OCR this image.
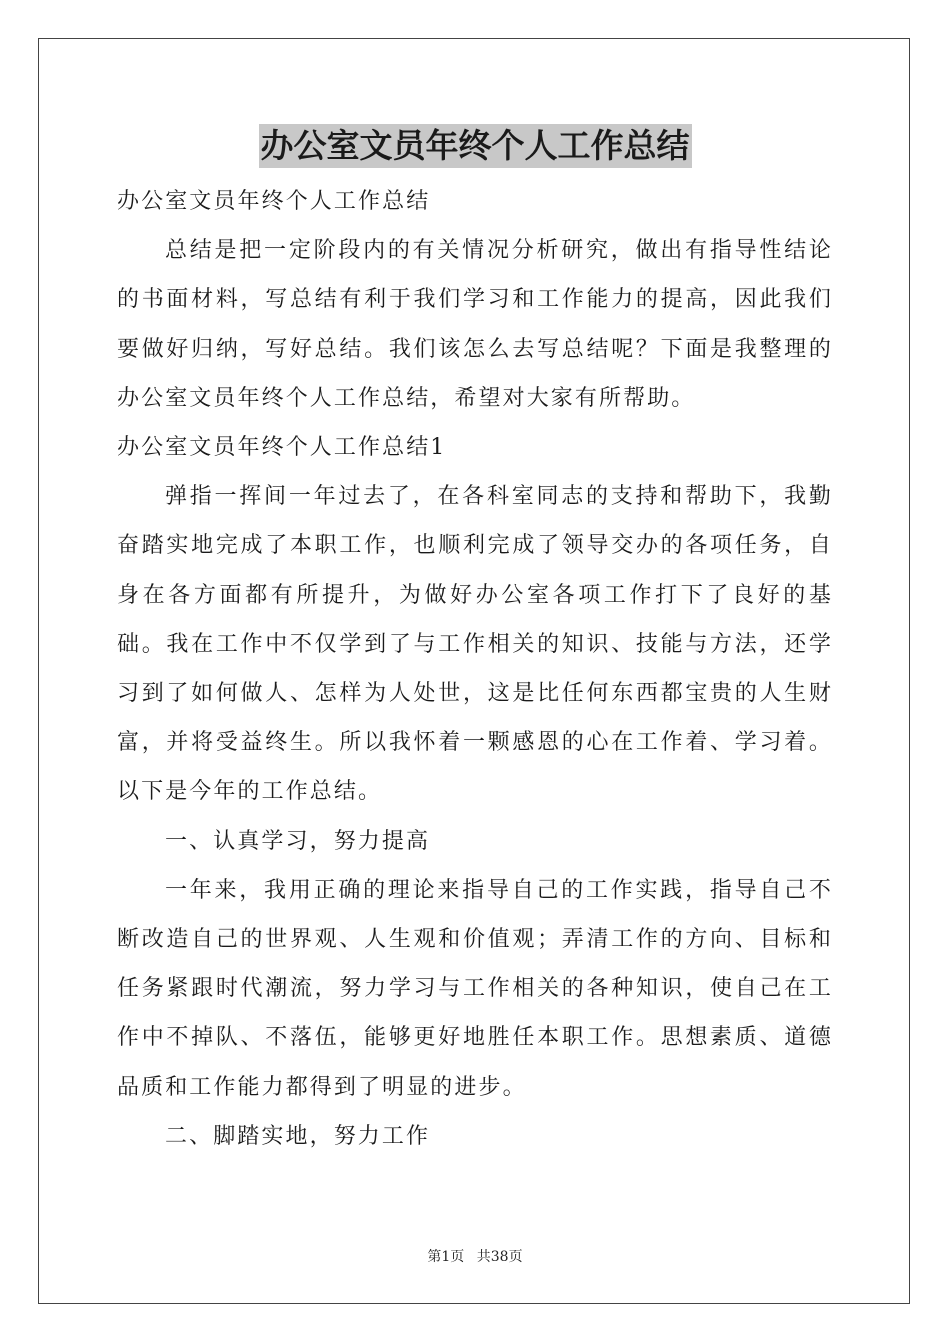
办公室文员年终个人工作总结

办公室文员年终个人工作总结

总结是把一定阶段内的有关情况分析研究，做出有指导性结论的书面材料，写总结有利于我们学习和工作能力的提高，因此我们要做好归纳，写好总结。我们该怎么去写总结呢？下面是我整理的办公室文员年终个人工作总结，希望对大家有所帮助。

办公室文员年终个人工作总结1

弹指一挥间一年过去了，在各科室同志的支持和帮助下，我勤奋踏实地完成了本职工作，也顺利完成了领导交办的各项任务，自身在各方面都有所提升，为做好办公室各项工作打下了良好的基础。我在工作中不仅学到了与工作相关的知识、技能与方法，还学习到了如何做人、怎样为人处世，这是比任何东西都宝贵的人生财富，并将受益终生。所以我怀着一颗感恩的心在工作着、学习着。以下是今年的工作总结。

一、认真学习，努力提高

一年来，我用正确的理论来指导自己的工作实践，指导自己不断改造自己的世界观、人生观和价值观；弄清工作的方向、目标和任务紧跟时代潮流，努力学习与工作相关的各种知识，使自己在工作中不掉队、不落伍，能够更好地胜任本职工作。思想素质、道德品质和工作能力都得到了明显的进步。

二、脚踏实地，努力工作

第1页 共38页
